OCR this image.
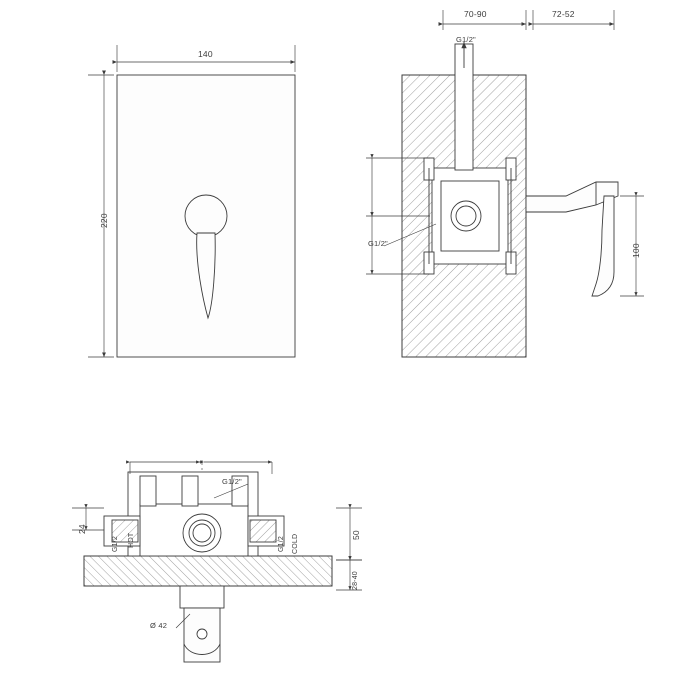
140
220
70-90	72-52
G1/2"
G1/2"	100
G1/2"
24
50
28-40
Ø 42
G1/2 HOT	G1/2 COLD
